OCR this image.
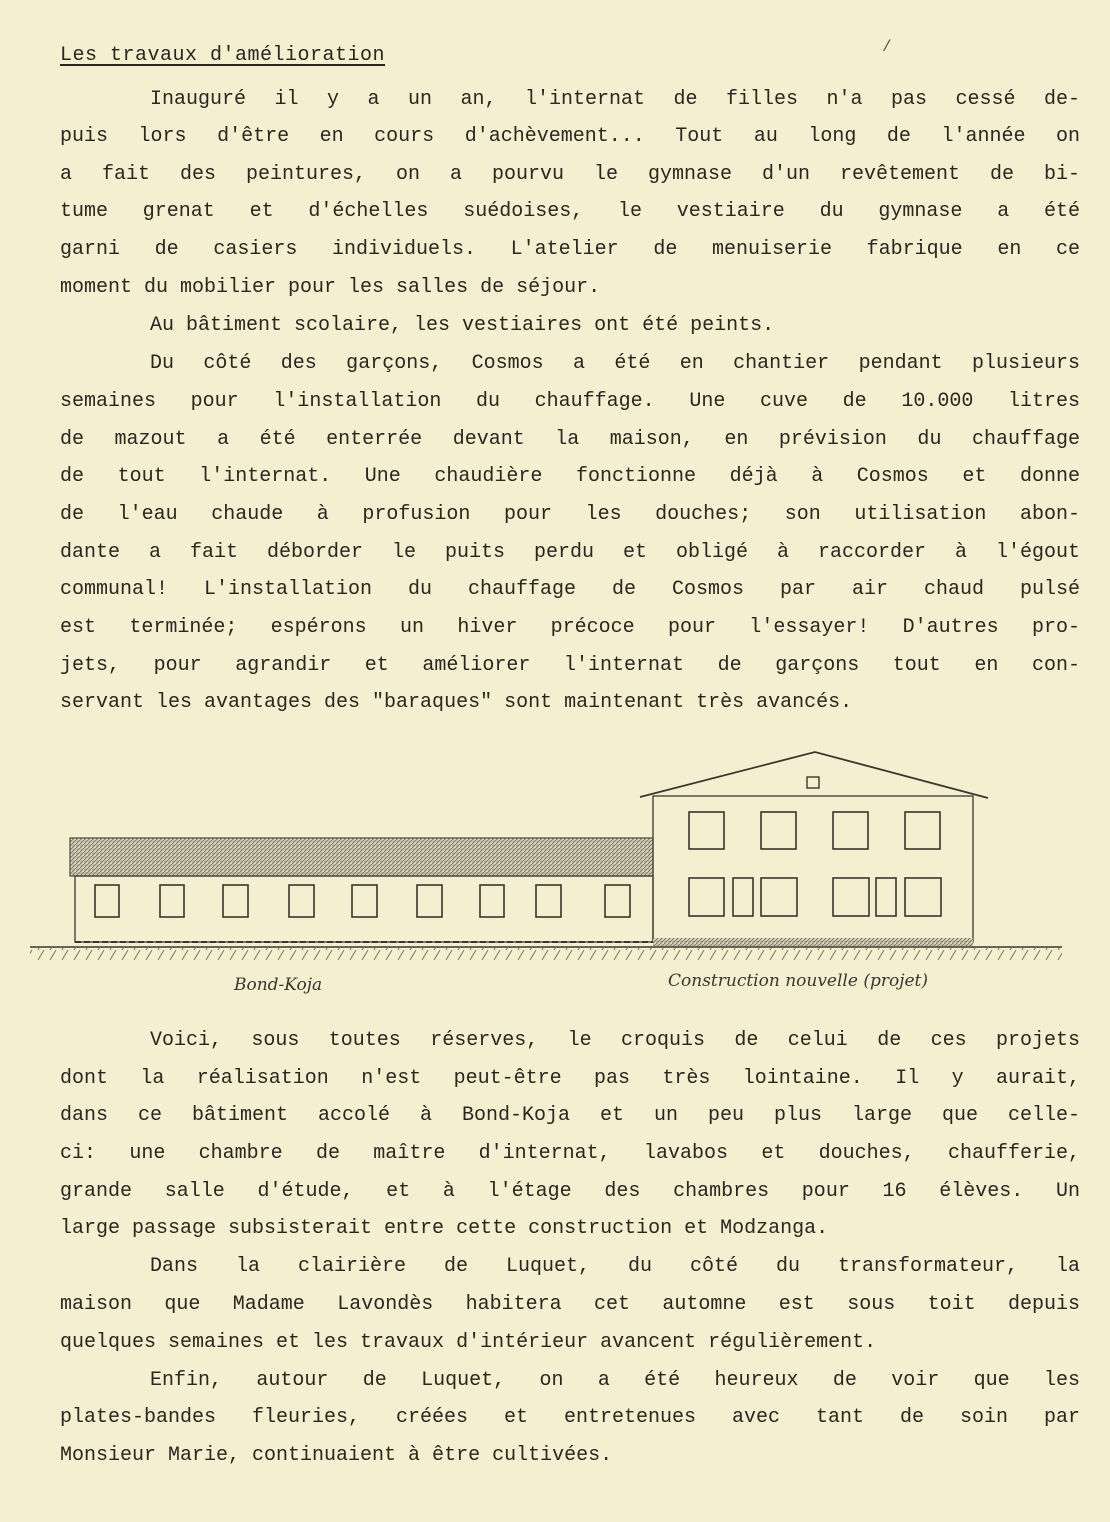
Les travaux d'amélioration	/
Inauguré il y a un an, l'internat de filles n'a pas cessé de-
puis lors d'être en cours d'achèvement... Tout au long de l'année on
a fait des peintures, on a pourvu le gymnase d'un revêtement de bi-
tume grenat et d'échelles suédoises, le vestiaire du gymnase a été
garni de casiers individuels. L'atelier de menuiserie fabrique en ce
moment du mobilier pour les salles de séjour.
Au bâtiment scolaire, les vestiaires ont été peints.
Du côté des garçons, Cosmos a été en chantier pendant plusieurs
semaines pour l'installation du chauffage. Une cuve de 10.000 litres
de mazout a été enterrée devant la maison, en prévision du chauffage
de tout l'internat. Une chaudière fonctionne déjà à Cosmos et donne
de l'eau chaude à profusion pour les douches; son utilisation abon-
dante a fait déborder le puits perdu et obligé à raccorder à l'égout
communal! L'installation du chauffage de Cosmos par air chaud pulsé
est terminée; espérons un hiver précoce pour l'essayer! D'autres pro-
jets, pour agrandir et améliorer l'internat de garçons tout en con-
servant les avantages des "baraques" sont maintenant très avancés.
Bond-Koja	Construction nouvelle (projet)
Voici, sous toutes réserves, le croquis de celui de ces projets
dont la réalisation n'est peut-être pas très lointaine. Il y aurait,
dans ce bâtiment accolé à Bond-Koja et un peu plus large que celle-
ci: une chambre de maître d'internat, lavabos et douches, chaufferie,
grande salle d'étude, et à l'étage des chambres pour 16 élèves. Un
large passage subsisterait entre cette construction et Modzanga.
Dans la clairière de Luquet, du côté du transformateur, la
maison que Madame Lavondès habitera cet automne est sous toit depuis
quelques semaines et les travaux d'intérieur avancent régulièrement.
Enfin, autour de Luquet, on a été heureux de voir que les
plates-bandes fleuries, créées et entretenues avec tant de soin par
Monsieur Marie, continuaient à être cultivées.
